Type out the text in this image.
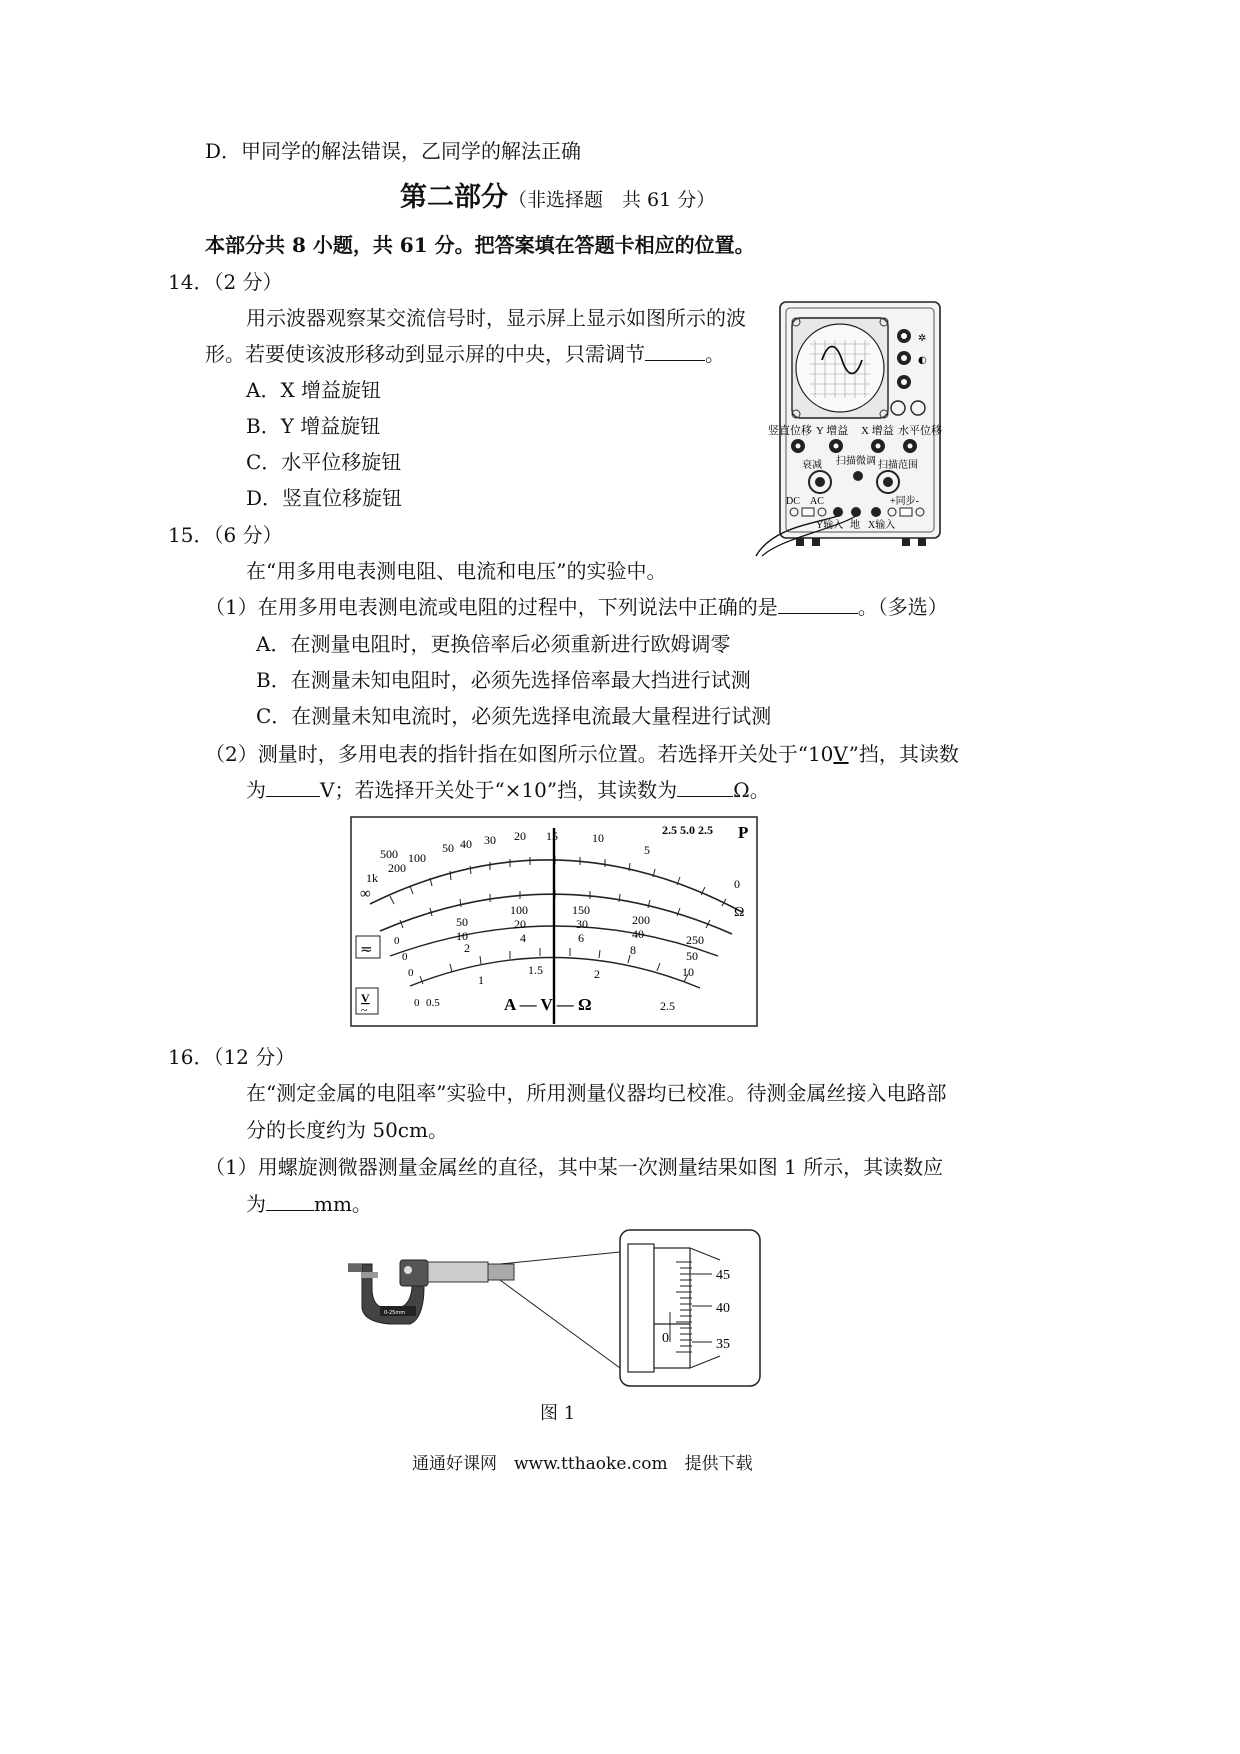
D．甲同学的解法错误，乙同学的解法正确
第二部分（非选择题　共 61 分）
本部分共 8 小题，共 61 分。把答案填在答题卡相应的位置。
14．（2 分）
用示波器观察某交流信号时，显示屏上显示如图所示的波
形。若要使该波形移动到显示屏的中央，只需调节	。
A．X 增益旋钮
B．Y 增益旋钮
C．水平位移旋钮
D．竖直位移旋钮
✲
◐
竖直位移 Y 增益 X 增益 水平位移
衰减 扫描微调 扫描范围
DC AC	+同步-
Y输入 地 X输入
15．（6 分）
在“用多用电表测电阻、电流和电压”的实验中。
（1）在用多用电表测电流或电阻的过程中，下列说法中正确的是	。（多选）
A．在测量电阻时，更换倍率后必须重新进行欧姆调零
B．在测量未知电阻时，必须先选择倍率最大挡进行试测
C．在测量未知电流时，必须先选择电流最大量程进行试测
（2）测量时，多用电表的指针指在如图所示位置。若选择开关处于“10V”挡，其读数
为	V；若选择开关处于“×10”挡，其读数为	Ω。
∞
1k
500
200
100
50 40 30 20 15	10
5
0
Ω
0
50
100	150
200
250
0
10
20	30
40
50
0
2
4	6
8
10
0 0.5
1
1.5	2
2.5
≂
V
~
2.5 5.0 2.5 P
A — V — Ω
16．（12 分）
在“测定金属的电阻率”实验中，所用测量仪器均已校准。待测金属丝接入电路部
分的长度约为 50cm。
（1）用螺旋测微器测量金属丝的直径，其中某一次测量结果如图 1 所示，其读数应
为 mm。
0-25mm
0
45
40
35
图 1
通通好课网　www.tthaoke.com　提供下载
